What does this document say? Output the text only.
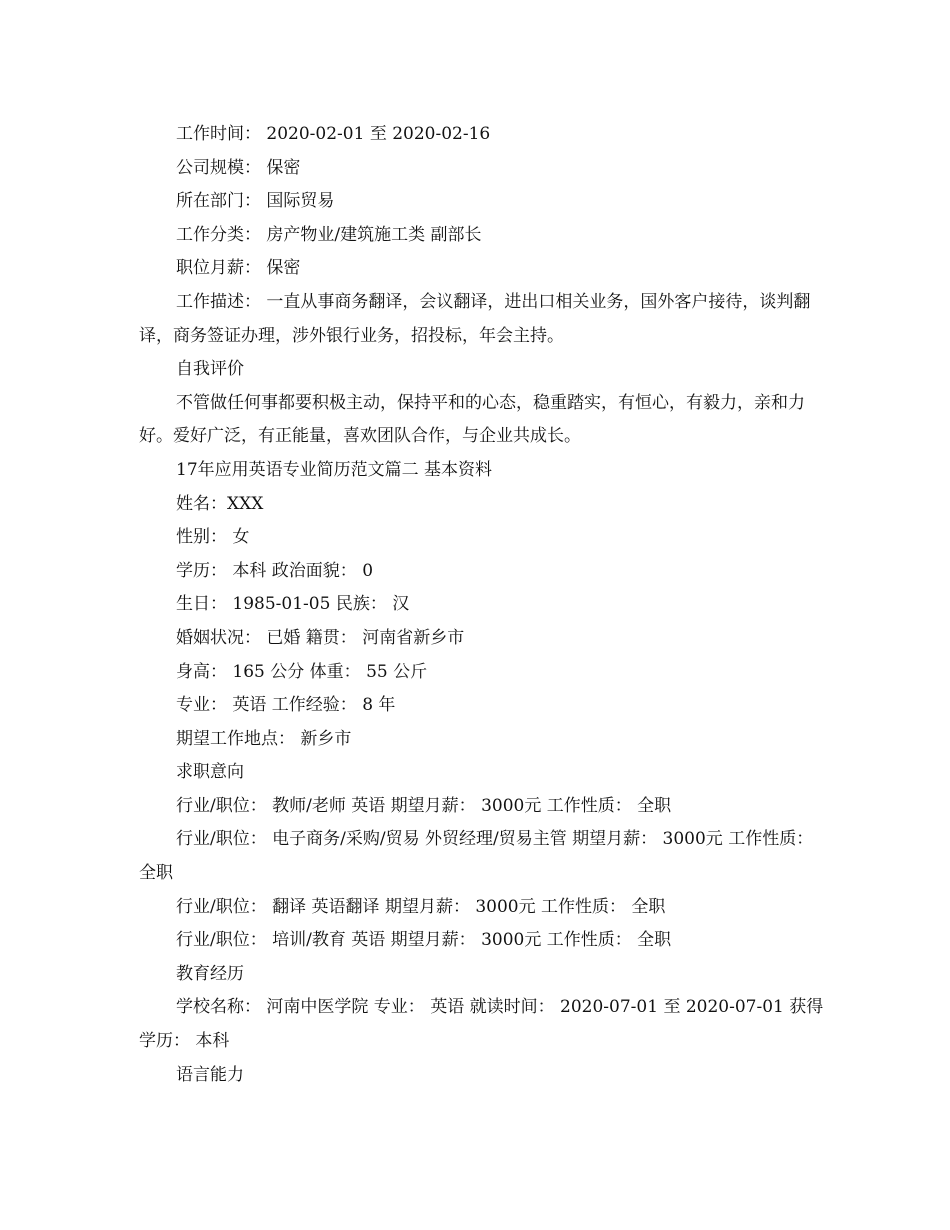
工作时间： 2020-02-01 至 2020-02-16

公司规模： 保密

所在部门： 国际贸易

工作分类： 房产物业/建筑施工类 副部长

职位月薪： 保密

工作描述： 一直从事商务翻译，会议翻译，进出口相关业务，国外客户接待，谈判翻译，商务签证办理，涉外银行业务，招投标，年会主持。

自我评价

不管做任何事都要积极主动，保持平和的心态，稳重踏实，有恒心，有毅力，亲和力好。爱好广泛，有正能量，喜欢团队合作，与企业共成长。

17年应用英语专业简历范文篇二 基本资料

姓名：XXX

性别： 女

学历： 本科 政治面貌： 0

生日： 1985-01-05 民族： 汉

婚姻状况： 已婚 籍贯： 河南省新乡市

身高： 165 公分 体重： 55 公斤

专业： 英语 工作经验： 8 年

期望工作地点： 新乡市

求职意向

行业/职位： 教师/老师 英语 期望月薪： 3000元 工作性质： 全职

行业/职位： 电子商务/采购/贸易 外贸经理/贸易主管 期望月薪： 3000元 工作性质： 全职

行业/职位： 翻译 英语翻译 期望月薪： 3000元 工作性质： 全职

行业/职位： 培训/教育 英语 期望月薪： 3000元 工作性质： 全职

教育经历

学校名称： 河南中医学院 专业： 英语 就读时间： 2020-07-01 至 2020-07-01 获得学历： 本科

语言能力
